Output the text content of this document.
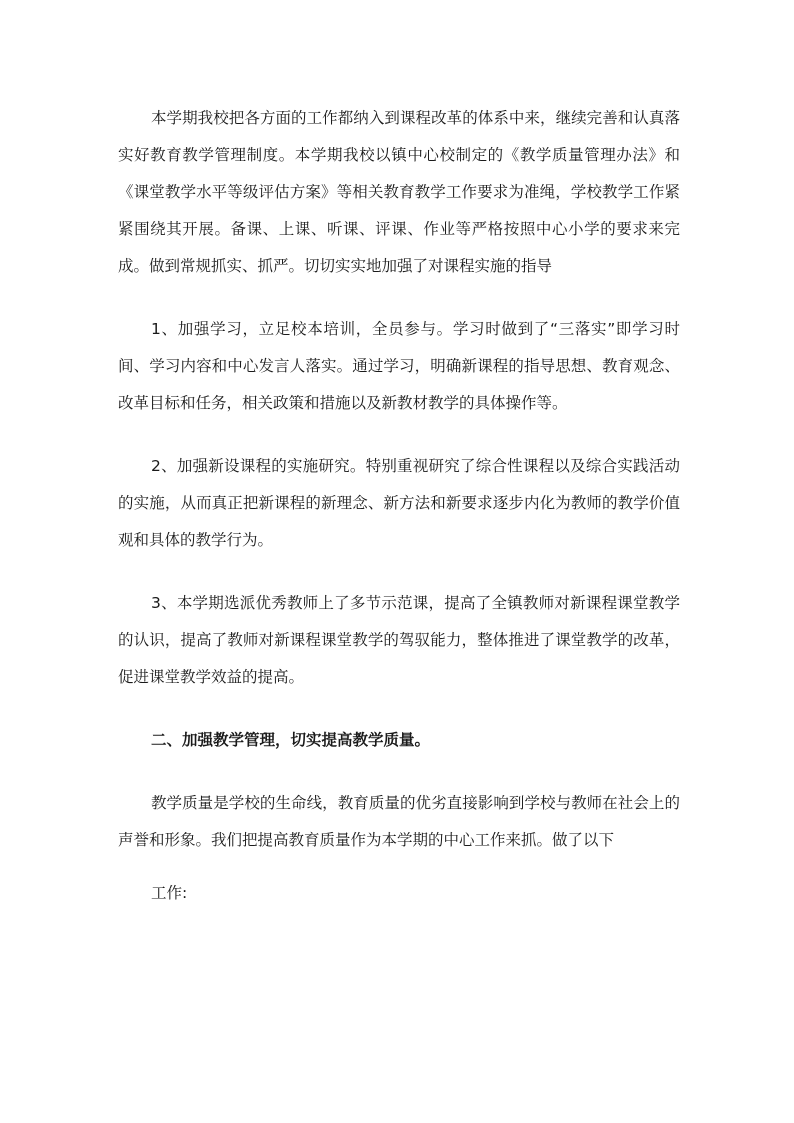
本学期我校把各方面的工作都纳入到课程改革的体系中来，继续完善和认真落实好教育教学管理制度。本学期我校以镇中心校制定的《教学质量管理办法》和《课堂教学水平等级评估方案》等相关教育教学工作要求为准绳，学校教学工作紧紧围绕其开展。备课、上课、听课、评课、作业等严格按照中心小学的要求来完成。做到常规抓实、抓严。切切实实地加强了对课程实施的指导

1、加强学习，立足校本培训，全员参与。学习时做到了“三落实”即学习时间、学习内容和中心发言人落实。通过学习，明确新课程的指导思想、教育观念、改革目标和任务，相关政策和措施以及新教材教学的具体操作等。

2、加强新设课程的实施研究。特别重视研究了综合性课程以及综合实践活动的实施，从而真正把新课程的新理念、新方法和新要求逐步内化为教师的教学价值观和具体的教学行为。

3、本学期选派优秀教师上了多节示范课，提高了全镇教师对新课程课堂教学的认识，提高了教师对新课程课堂教学的驾驭能力，整体推进了课堂教学的改革，促进课堂教学效益的提高。

二、加强教学管理，切实提高教学质量。

教学质量是学校的生命线，教育质量的优劣直接影响到学校与教师在社会上的声誉和形象。我们把提高教育质量作为本学期的中心工作来抓。做了以下

工作:
